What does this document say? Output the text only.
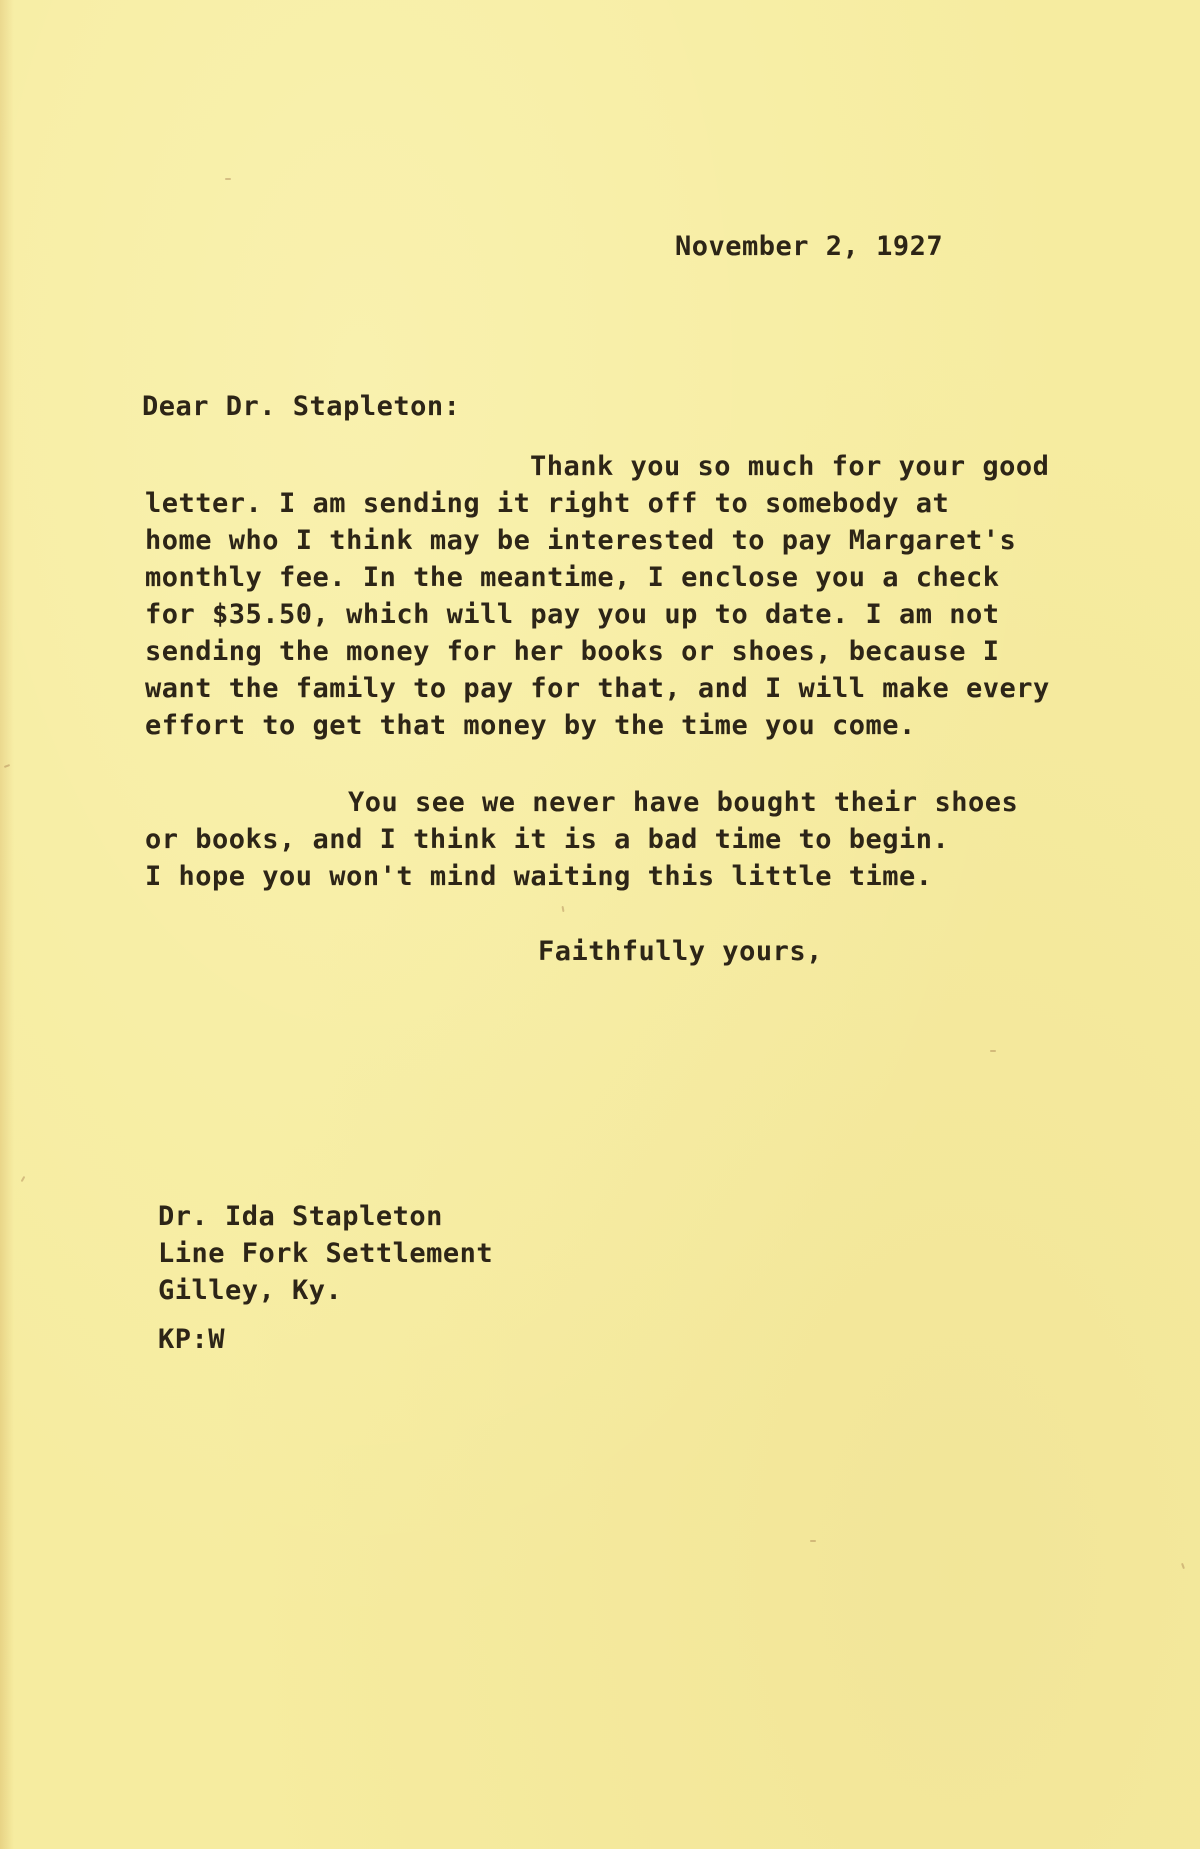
November 2, 1927

Dear Dr. Stapleton:

Thank you so much for your good

letter. I am sending it right off to somebody at
home who I think may be interested to pay Margaret's
monthly fee. In the meantime, I enclose you a check
for $35.50, which will pay you up to date. I am not
sending the money for her books or shoes, because I
want the family to pay for that, and I will make every
effort to get that money by the time you come.

You see we never have bought their shoes

or books, and I think it is a bad time to begin.
I hope you won't mind waiting this little time.

Faithfully yours,

Dr. Ida Stapleton
Line Fork Settlement
Gilley, Ky.

KP:W
